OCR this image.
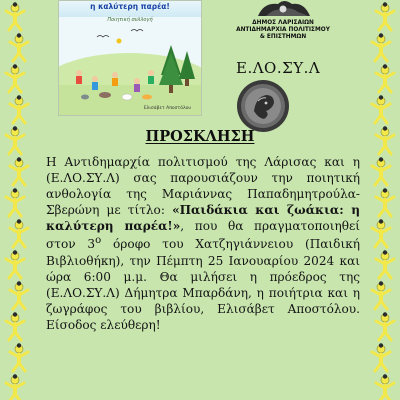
η καλύτερη παρέα!
Ποιητική συλλογή
Ελισάβετ Αποστόλου
ΔΗΜΟΣ ΛΑΡΙΣΑΙΩΝ
ΑΝΤΙΔΗΜΑΡΧΙΑ ΠΟΛΙΤΙΣΜΟΥ
& ΕΠΙΣΤΗΜΩΝ
Ε.ΛΟ.ΣΥ.Λ
ΠΡΟΣΚΛΗΣΗ

Η Αντιδημαρχία πολιτισμού της Λάρισας και η (Ε.ΛΟ.ΣΥ.Λ) σας παρουσιάζουν την ποιητική ανθολογία της Μαριάννας Παπαδημητρούλα-Σβερώνη με τίτλο: «Παιδάκια και ζωάκια: η καλύτερη παρέα!», που θα πραγματοποιηθεί στον $3^o$ όροφο του Χατζηγιάννειου (Παιδική Βιβλιοθήκη), την Πέμπτη 25 Ιανουαρίου 2024 και ώρα 6:00 μ.μ. Θα μιλήσει η πρόεδρος της (Ε.ΛΟ.ΣΥ.Λ) Δήμητρα Μπαρδάνη, η ποιήτρια και η ζωγράφος του βιβλίου, Ελισάβετ Αποστόλου. Είσοδος ελεύθερη!
